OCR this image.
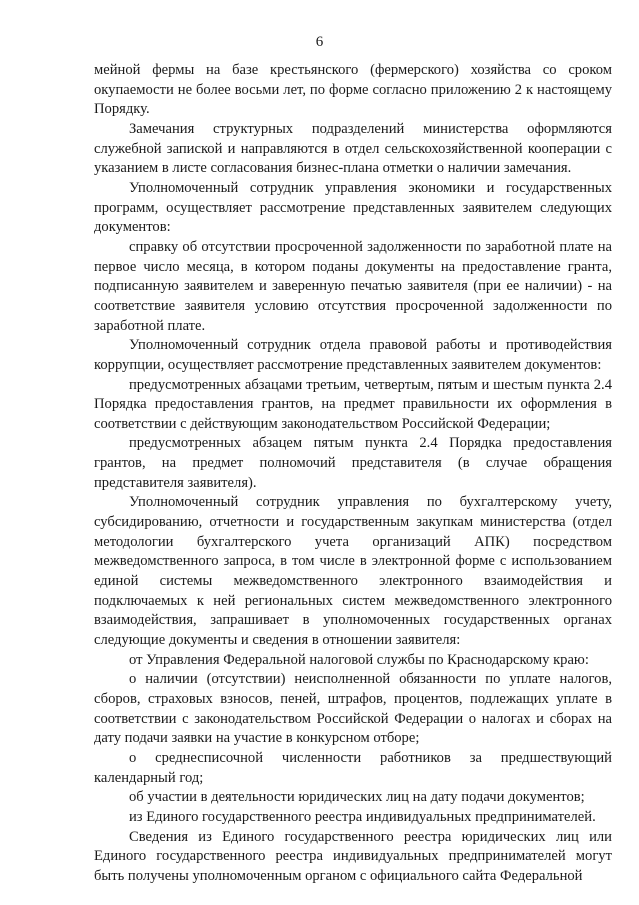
6

мейной фермы на базе крестьянского (фермерского) хозяйства со сроком окупаемости не более восьми лет, по форме согласно приложению 2 к настоящему Порядку.

Замечания структурных подразделений министерства оформляются служебной запиской и направляются в отдел сельскохозяйственной кооперации с указанием в листе согласования бизнес-плана отметки о наличии замечания.

Уполномоченный сотрудник управления экономики и государственных программ, осуществляет рассмотрение представленных заявителем следующих документов:

справку об отсутствии просроченной задолженности по заработной плате на первое число месяца, в котором поданы документы на предоставление гранта, подписанную заявителем и заверенную печатью заявителя (при ее наличии) - на соответствие заявителя условию отсутствия просроченной задолженности по заработной плате.

Уполномоченный сотрудник отдела правовой работы и противодействия коррупции, осуществляет рассмотрение представленных заявителем документов:

предусмотренных абзацами третьим, четвертым, пятым и шестым пункта 2.4 Порядка предоставления грантов, на предмет правильности их оформления в соответствии с действующим законодательством Российской Федерации;

предусмотренных абзацем пятым пункта 2.4 Порядка предоставления грантов, на предмет полномочий представителя (в случае обращения представителя заявителя).

Уполномоченный сотрудник управления по бухгалтерскому учету, субсидированию, отчетности и государственным закупкам министерства (отдел методологии бухгалтерского учета организаций АПК) посредством межведомственного запроса, в том числе в электронной форме с использованием единой системы межведомственного электронного взаимодействия и подключаемых к ней региональных систем межведомственного электронного взаимодействия, запрашивает в уполномоченных государственных органах следующие документы и сведения в отношении заявителя:

от Управления Федеральной налоговой службы по Краснодарскому краю:

о наличии (отсутствии) неисполненной обязанности по уплате налогов, сборов, страховых взносов, пеней, штрафов, процентов, подлежащих уплате в соответствии с законодательством Российской Федерации о налогах и сборах на дату подачи заявки на участие в конкурсном отборе;

о среднесписочной численности работников за предшествующий календарный год;

об участии в деятельности юридических лиц на дату подачи документов;

из Единого государственного реестра индивидуальных предпринимателей.

Сведения из Единого государственного реестра юридических лиц или Единого государственного реестра индивидуальных предпринимателей могут быть получены уполномоченным органом с официального сайта Федеральной
